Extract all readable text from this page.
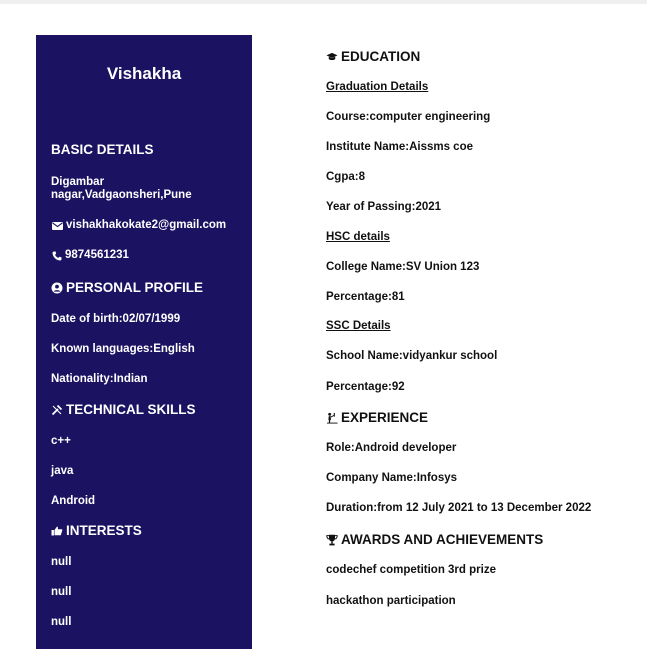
Vishakha
BASIC DETAILS
Digambar nagar,Vadgaonsheri,Pune
vishakhakokate2@gmail.com
9874561231
PERSONAL PROFILE
Date of birth:02/07/1999
Known languages:English
Nationality:Indian
TECHNICAL SKILLS
c++
java
Android
INTERESTS
null
null
null
EDUCATION
Graduation Details
Course:computer engineering
Institute Name:Aissms coe
Cgpa:8
Year of Passing:2021
HSC details
College Name:SV Union 123
Percentage:81
SSC Details
School Name:vidyankur school
Percentage:92
EXPERIENCE
Role:Android developer
Company Name:Infosys
Duration:from 12 July 2021 to 13 December 2022
AWARDS AND ACHIEVEMENTS
codechef competition 3rd prize
hackathon participation
